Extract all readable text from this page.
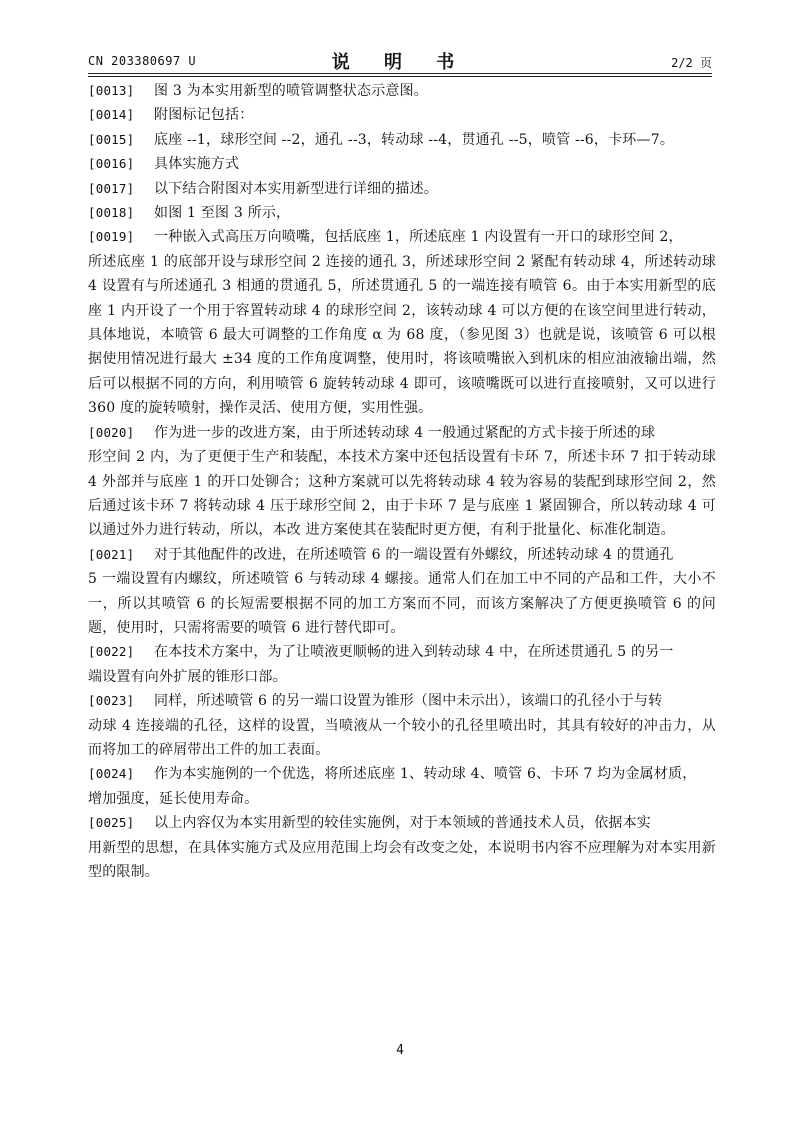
CN 203380697 U	说 明 书	2/2 页
[0013]	图 3 为本实用新型的喷管调整状态示意图。
[0014]	附图标记包括：
[0015]	底座 --1，球形空间 --2，通孔 --3，转动球 --4，贯通孔 --5，喷管 --6，卡环—7。
[0016]	具体实施方式
[0017]	以下结合附图对本实用新型进行详细的描述。
[0018]	如图 1 至图 3 所示，
[0019]	一种嵌入式高压万向喷嘴，包括底座 1，所述底座 1 内设置有一开口的球形空间 2，
所述底座 1 的底部开设与球形空间 2 连接的通孔 3，所述球形空间 2 紧配有转动球 4，所述转动球 4 设置有与所述通孔 3 相通的贯通孔 5，所述贯通孔 5 的一端连接有喷管 6。由于本实用新型的底座 1 内开设了一个用于容置转动球 4 的球形空间 2，该转动球 4 可以方便的在该空间里进行转动，具体地说，本喷管 6 最大可调整的工作角度 α 为 68 度，（参见图 3）也就是说，该喷管 6 可以根据使用情况进行最大 ±34 度的工作角度调整，使用时，将该喷嘴嵌入到机床的相应油液输出端，然后可以根据不同的方向，利用喷管 6 旋转转动球 4 即可，该喷嘴既可以进行直接喷射，又可以进行 360 度的旋转喷射，操作灵活、使用方便，实用性强。
[0020]	作为进一步的改进方案，由于所述转动球 4 一般通过紧配的方式卡接于所述的球
形空间 2 内，为了更便于生产和装配，本技术方案中还包括设置有卡环 7，所述卡环 7 扣于转动球 4 外部并与底座 1 的开口处铆合；这种方案就可以先将转动球 4 较为容易的装配到球形空间 2，然后通过该卡环 7 将转动球 4 压于球形空间 2，由于卡环 7 是与底座 1 紧固铆合，所以转动球 4 可以通过外力进行转动，所以，本改 进方案使其在装配时更方便，有利于批量化、标准化制造。
[0021]	对于其他配件的改进，在所述喷管 6 的一端设置有外螺纹，所述转动球 4 的贯通孔
5 一端设置有内螺纹，所述喷管 6 与转动球 4 螺接。通常人们在加工中不同的产品和工件，大小不一，所以其喷管 6 的长短需要根据不同的加工方案而不同，而该方案解决了方便更换喷管 6 的问题，使用时，只需将需要的喷管 6 进行替代即可。
[0022]	在本技术方案中，为了让喷液更顺畅的进入到转动球 4 中，在所述贯通孔 5 的另一
端设置有向外扩展的锥形口部。
[0023]	同样，所述喷管 6 的另一端口设置为锥形（图中未示出），该端口的孔径小于与转
动球 4 连接端的孔径，这样的设置，当喷液从一个较小的孔径里喷出时，其具有较好的冲击力，从而将加工的碎屑带出工件的加工表面。
[0024]	作为本实施例的一个优选，将所述底座 1、转动球 4、喷管 6、卡环 7 均为金属材质，
增加强度，延长使用寿命。
[0025]	以上内容仅为本实用新型的较佳实施例，对于本领域的普通技术人员，依据本实
用新型的思想，在具体实施方式及应用范围上均会有改变之处，本说明书内容不应理解为对本实用新型的限制。
4
